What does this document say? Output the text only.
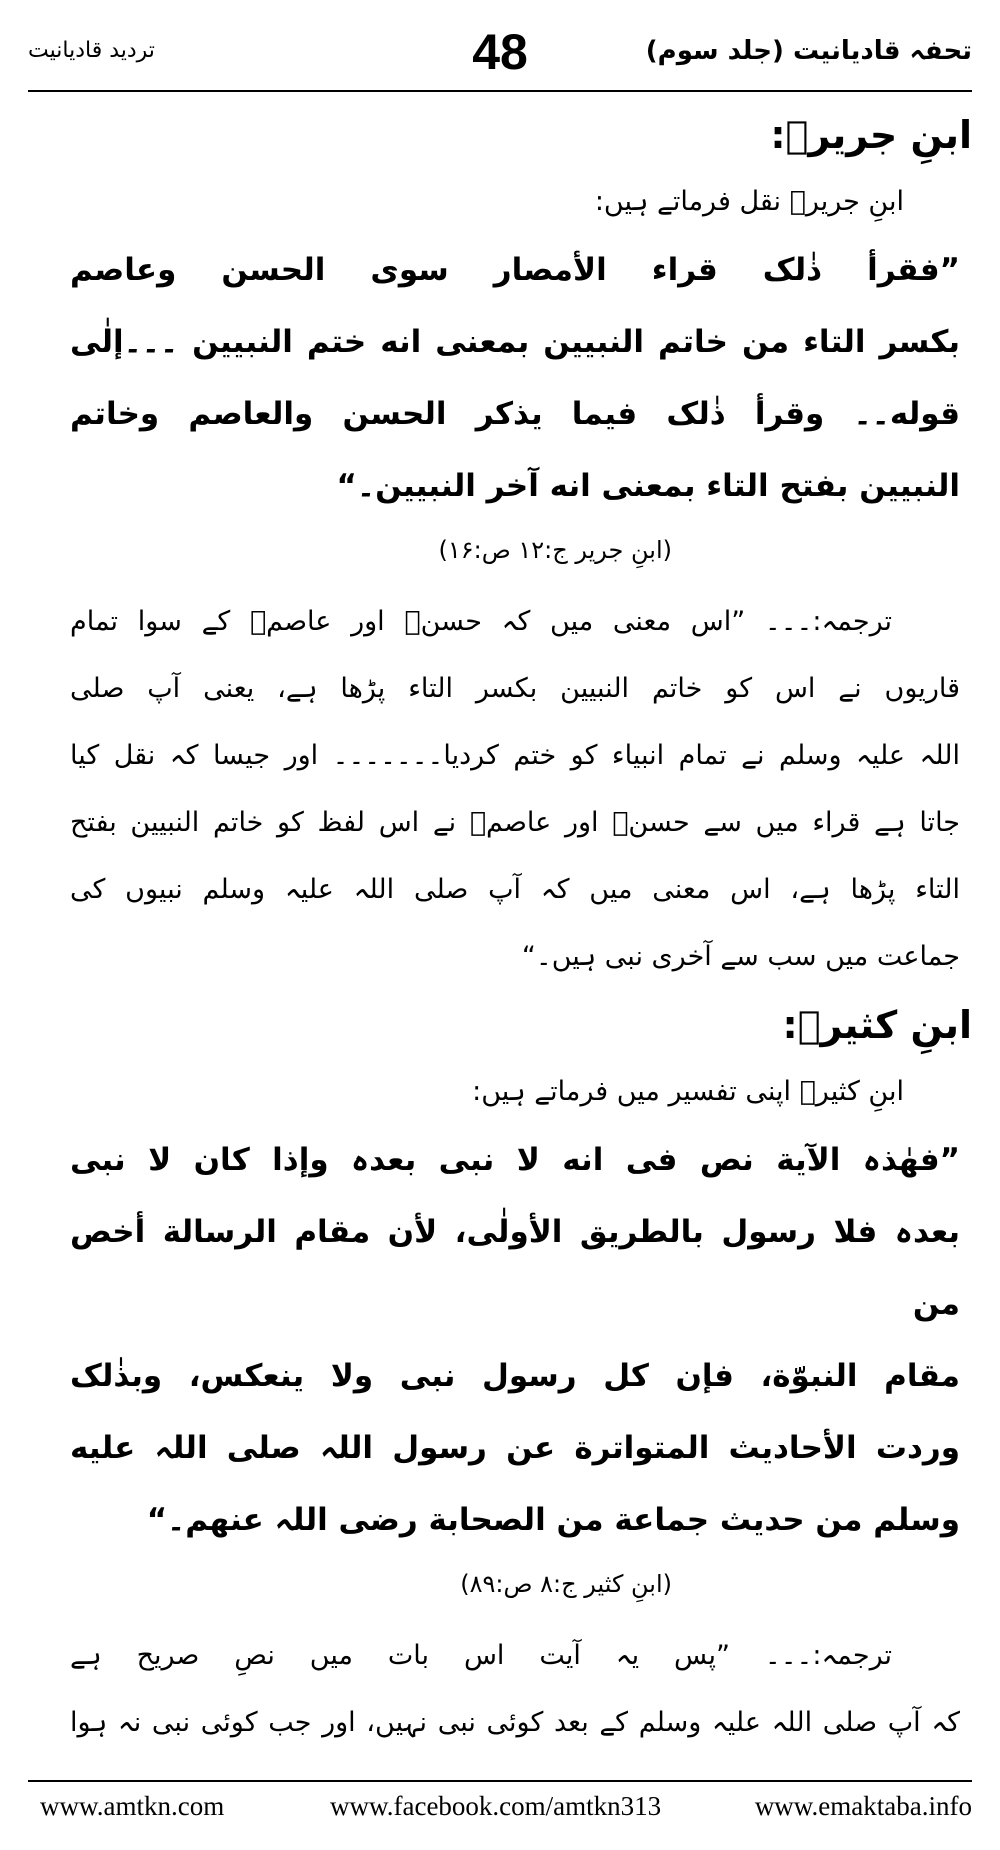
تحفہ قادیانیت (جلد سوم)
48
تردید قادیانیت
ابنِ جریرؒ:

ابنِ جریرؒ نقل فرماتے ہیں:

”فقرأ ذٰلک قراء الأمصار سوی الحسن وعاصم
بکسر التاء من خاتم النبیین بمعنی انه ختم النبیین ۔۔۔إلٰی
قوله۔۔ وقرأ ذٰلک فیما یذکر الحسن والعاصم وخاتم
النبیین بفتح التاء بمعنی انه آخر النبیین۔“

(ابنِ جریر ج:۱۲ ص:۱۶)

ترجمہ:۔۔۔ ”اس معنی میں کہ حسنؒ اور عاصمؒ کے سوا تمام
قاریوں نے اس کو خاتم النبیین بکسر التاء پڑھا ہے، یعنی آپ صلی
اللہ علیہ وسلم نے تمام انبیاء کو ختم کردیا۔۔۔۔۔۔۔ اور جیسا کہ نقل کیا
جاتا ہے قراء میں سے حسنؒ اور عاصمؒ نے اس لفظ کو خاتم النبیین بفتح
التاء پڑھا ہے، اس معنی میں کہ آپ صلی اللہ علیہ وسلم نبیوں کی
جماعت میں سب سے آخری نبی ہیں۔“
ابنِ کثیرؒ:

ابنِ کثیرؒ اپنی تفسیر میں فرماتے ہیں:

”فھٰذہ الآیة نص فی انه لا نبی بعدہ وإذا کان لا نبی
بعدہ فلا رسول بالطریق الأولٰی، لأن مقام الرسالة أخص من
مقام النبوّة، فإن کل رسول نبی ولا ینعکس، وبذٰلک
وردت الأحادیث المتواترة عن رسول اللہ صلی اللہ علیه
وسلم من حدیث جماعة من الصحابة رضی اللہ عنھم۔“

(ابنِ کثیر ج:۸ ص:۸۹)

ترجمہ:۔۔۔ ”پس یہ آیت اس بات میں نصِ صریح ہے
کہ آپ صلی اللہ علیہ وسلم کے بعد کوئی نبی نہیں، اور جب کوئی نبی نہ ہوا
www.amtkn.com	www.facebook.com/amtkn313	www.emaktaba.info
